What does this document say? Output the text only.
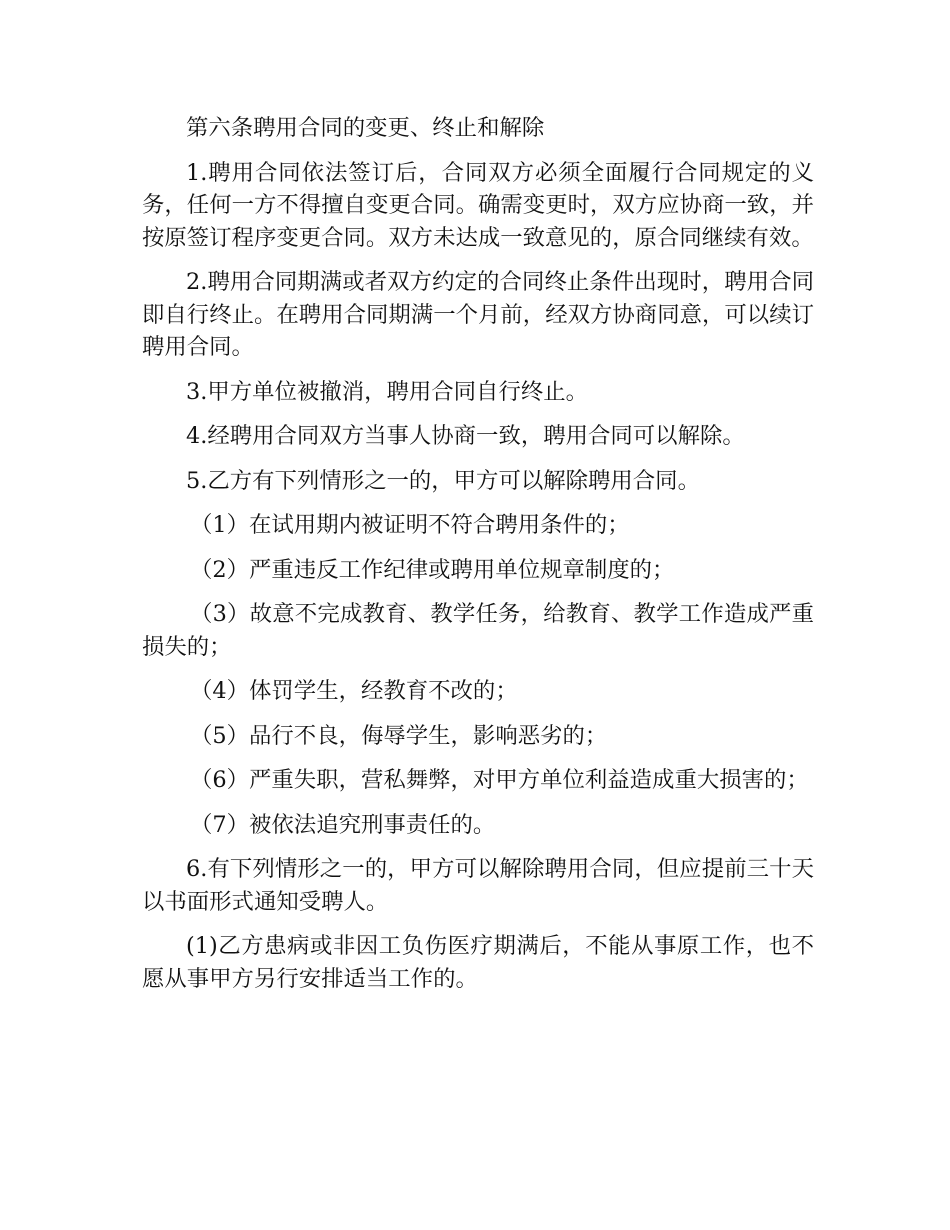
第六条聘用合同的变更、终止和解除

1.聘用合同依法签订后，合同双方必须全面履行合同规定的义务，任何一方不得擅自变更合同。确需变更时，双方应协商一致，并按原签订程序变更合同。双方未达成一致意见的，原合同继续有效。

2.聘用合同期满或者双方约定的合同终止条件出现时，聘用合同即自行终止。在聘用合同期满一个月前，经双方协商同意，可以续订聘用合同。

3.甲方单位被撤消，聘用合同自行终止。

4.经聘用合同双方当事人协商一致，聘用合同可以解除。

5.乙方有下列情形之一的，甲方可以解除聘用合同。

（1）在试用期内被证明不符合聘用条件的；

（2）严重违反工作纪律或聘用单位规章制度的；

（3）故意不完成教育、教学任务，给教育、教学工作造成严重损失的；

（4）体罚学生，经教育不改的；

（5）品行不良，侮辱学生，影响恶劣的；

（6）严重失职，营私舞弊，对甲方单位利益造成重大损害的；

（7）被依法追究刑事责任的。

6.有下列情形之一的，甲方可以解除聘用合同，但应提前三十天以书面形式通知受聘人。

(1)乙方患病或非因工负伤医疗期满后，不能从事原工作，也不愿从事甲方另行安排适当工作的。
